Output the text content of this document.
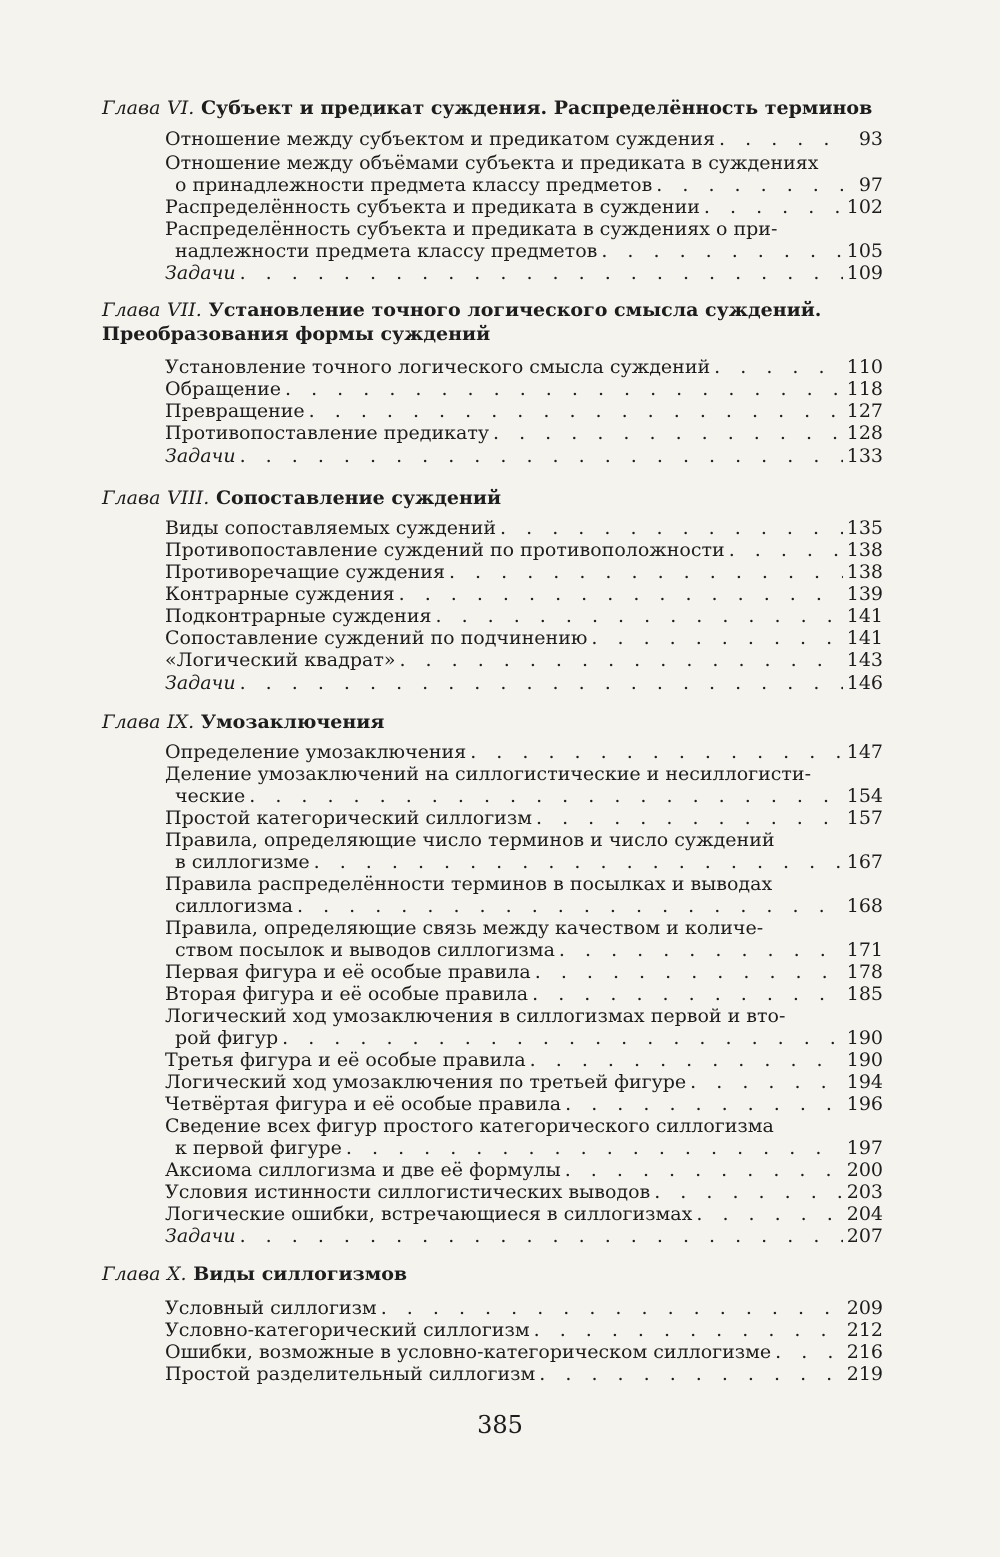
Глава VI. Субъект и предикат суждения. Распределённость терминов
Отношение между субъектом и предикатом суждения . . .	93
Отношение между объёмами субъекта и предиката в суждениях
о принадлежности предмета классу предметов . . .	97
Распределённость субъекта и предиката в суждении . . .	102
Распределённость субъекта и предиката в суждениях о при-
надлежности предмета классу предметов . . .	105
Задачи . . .	109
Глава VII. Установление точного логического смысла суждений.
Преобразования формы суждений
Установление точного логического смысла суждений . . .	110
Обращение . . .	118
Превращение . . .	127
Противопоставление предикату . . .	128
Задачи . . .	133
Глава VIII. Сопоставление суждений
Виды сопоставляемых суждений . . .	135
Противопоставление суждений по противоположности . . .	138
Противоречащие суждения . . .	138
Контрарные суждения . . .	139
Подконтрарные суждения . . .	141
Сопоставление суждений по подчинению . . .	141
«Логический квадрат» . . .	143
Задачи . . .	146
Глава IX. Умозаключения
Определение умозаключения . . .	147
Деление умозаключений на силлогистические и несиллогисти-
ческие . . .	154
Простой категорический силлогизм . . .	157
Правила, определяющие число терминов и число суждений
в силлогизме . . .	167
Правила распределённости терминов в посылках и выводах
силлогизма . . .	168
Правила, определяющие связь между качеством и количе-
ством посылок и выводов силлогизма . . .	171
Первая фигура и её особые правила . . .	178
Вторая фигура и её особые правила . . .	185
Логический ход умозаключения в силлогизмах первой и вто-
рой фигур . . .	190
Третья фигура и её особые правила . . .	190
Логический ход умозаключения по третьей фигуре . . .	194
Четвёртая фигура и её особые правила . . .	196
Сведение всех фигур простого категорического силлогизма
к первой фигуре . . .	197
Аксиома силлогизма и две её формулы . . .	200
Условия истинности силлогистических выводов . . .	203
Логические ошибки, встречающиеся в силлогизмах . . .	204
Задачи . . .	207
Глава X. Виды силлогизмов
Условный силлогизм . . .	209
Условно-категорический силлогизм . . .	212
Ошибки, возможные в условно-категорическом силлогизме . . .	216
Простой разделительный силлогизм . . .	219
385
